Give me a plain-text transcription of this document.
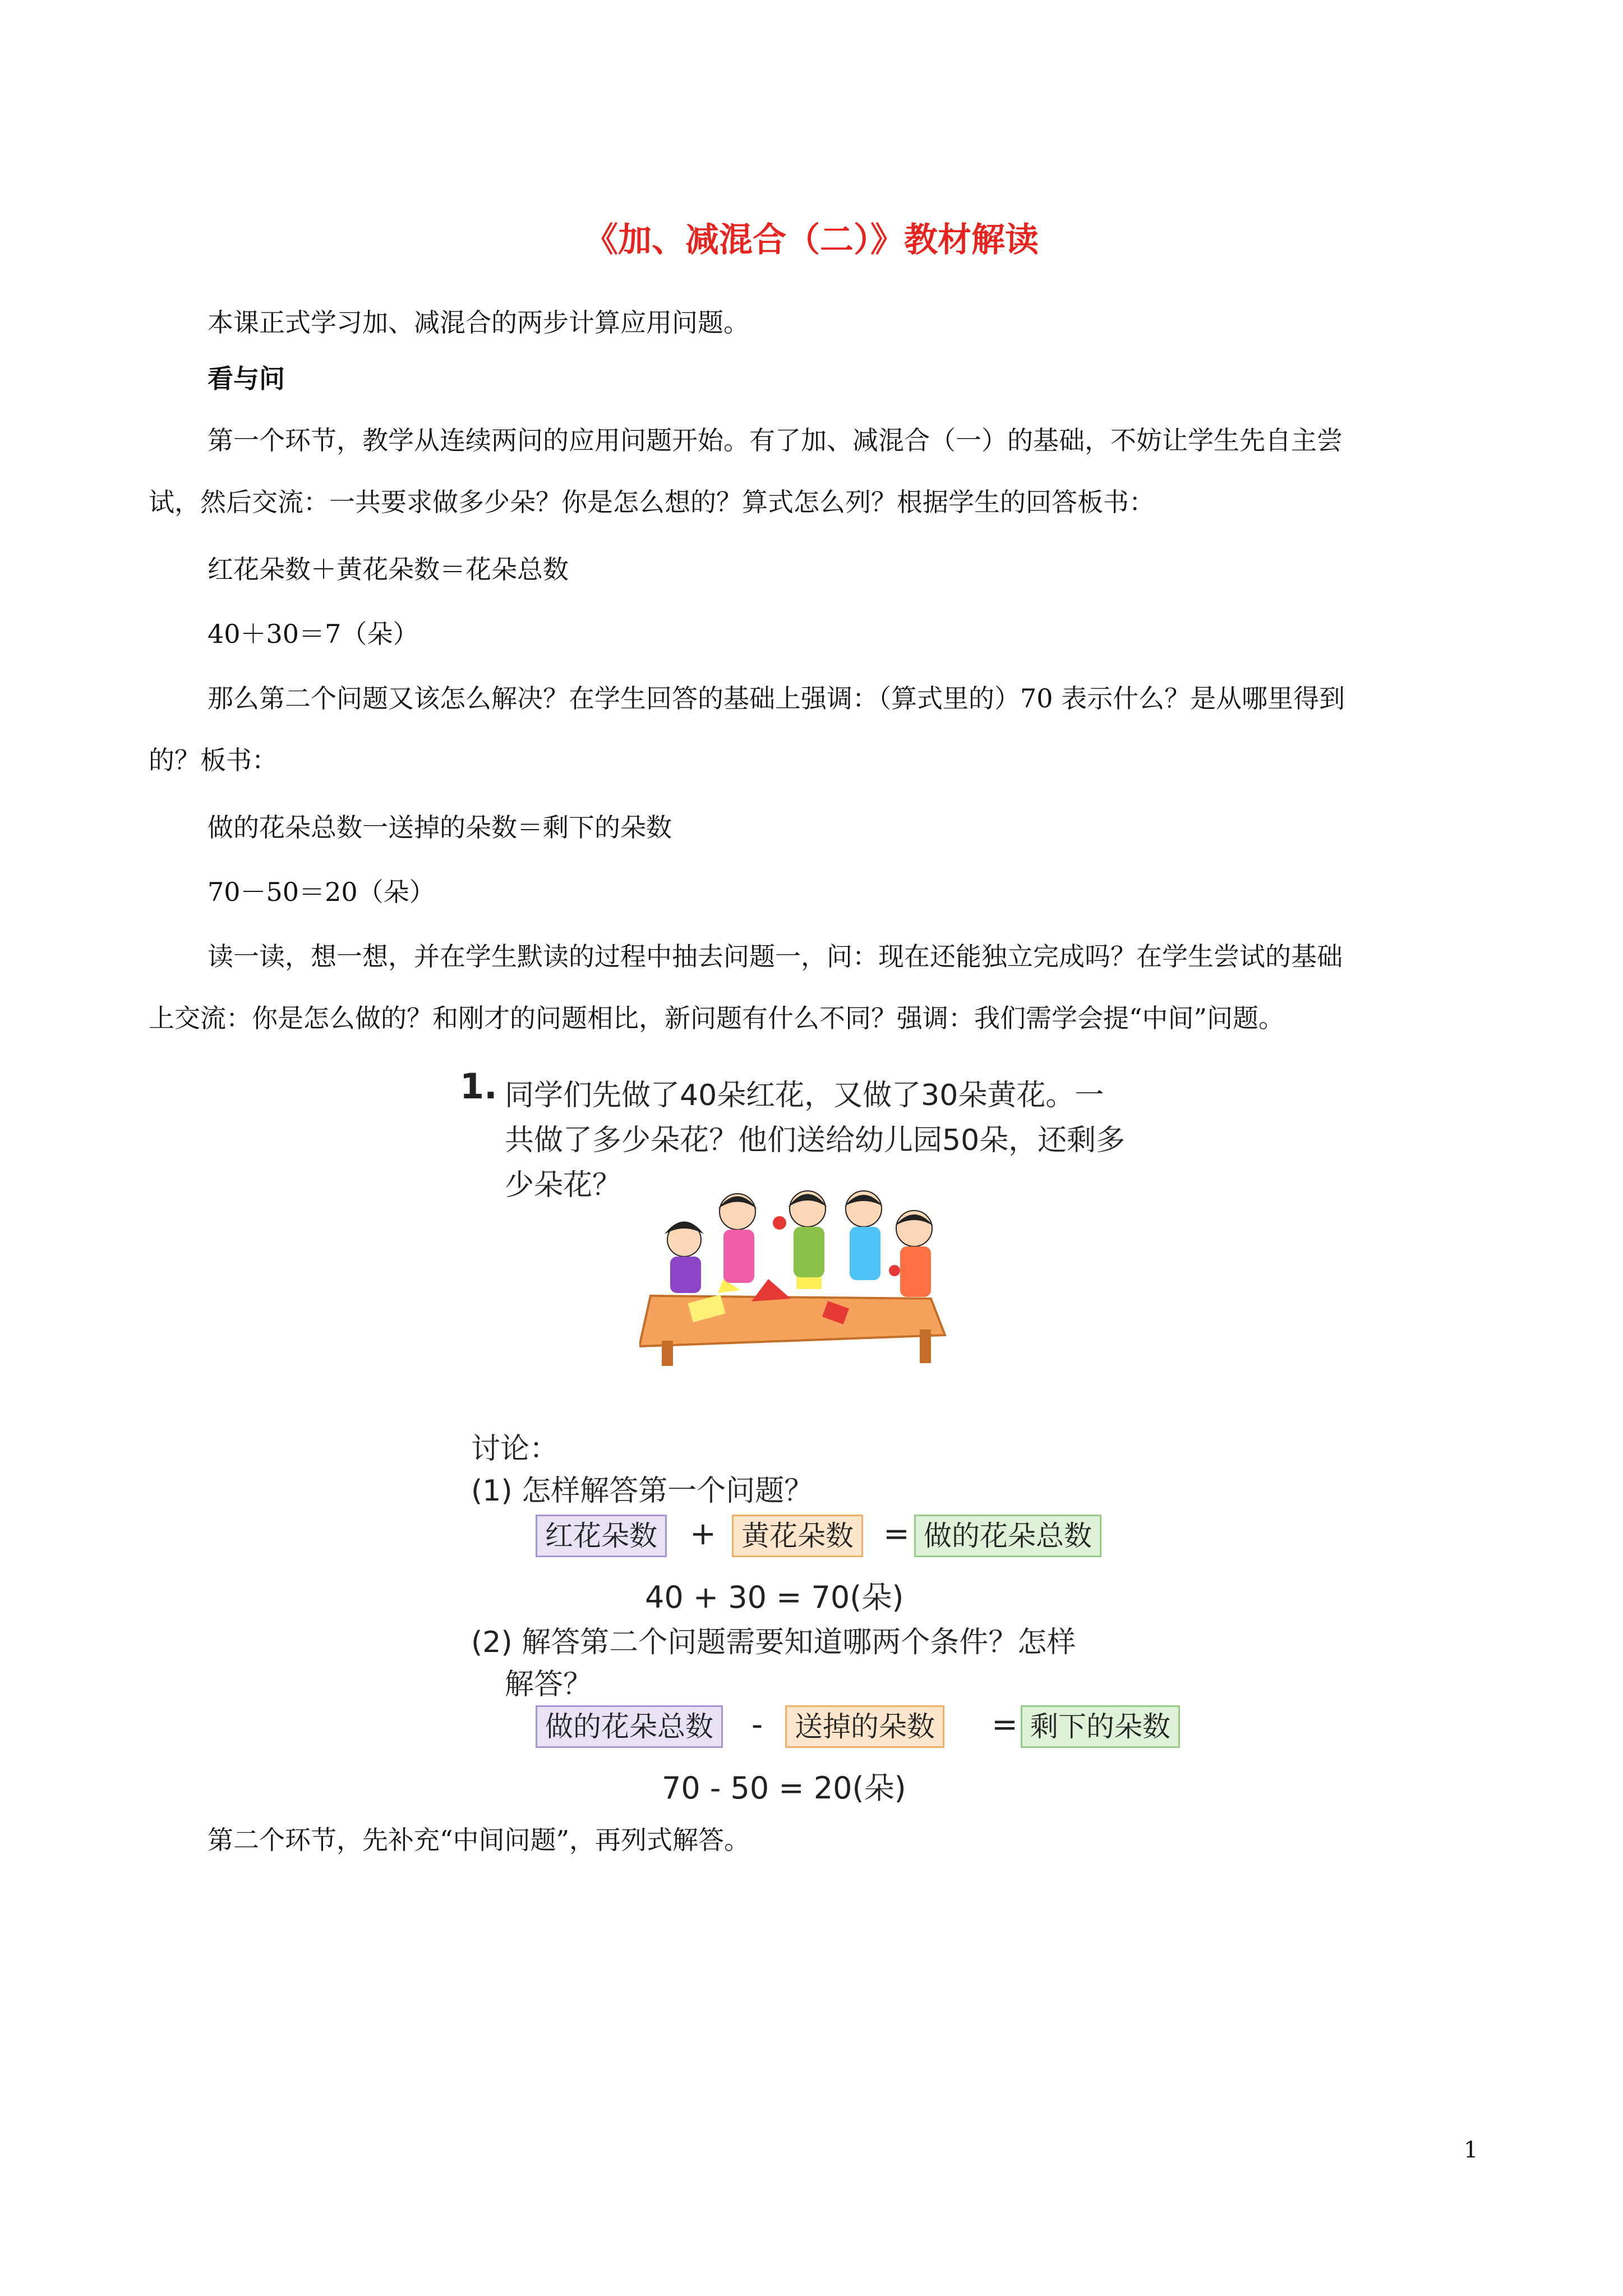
《加、减混合（二）》教材解读
本课正式学习加、减混合的两步计算应用问题。
看与问
第一个环节，教学从连续两问的应用问题开始。有了加、减混合（一）的基础，不妨让学生先自主尝
试，然后交流：一共要求做多少朵？你是怎么想的？算式怎么列？根据学生的回答板书：
红花朵数＋黄花朵数＝花朵总数
40＋30＝7（朵）
那么第二个问题又该怎么解决？在学生回答的基础上强调：（算式里的）70 表示什么？是从哪里得到
的？板书：
做的花朵总数一送掉的朵数＝剩下的朵数
70－50＝20（朵）
读一读，想一想，并在学生默读的过程中抽去问题一，问：现在还能独立完成吗？在学生尝试的基础
上交流：你是怎么做的？和刚才的问题相比，新问题有什么不同？强调：我们需学会提“中间”问题。
1. 同学们先做了40朵红花，又做了30朵黄花。一
共做了多少朵花？他们送给幼儿园50朵，还剩多
少朵花？
讨论：
(1) 怎样解答第一个问题？
红花朵数	+ 黄花朵数 = 做的花朵总数
40 + 30 = 70(朵)
(2) 解答第二个问题需要知道哪两个条件？怎样
解答？
做的花朵总数	-	送掉的朵数	= 剩下的朵数
70 - 50 = 20(朵)
第二个环节，先补充“中间问题”，再列式解答。
1
